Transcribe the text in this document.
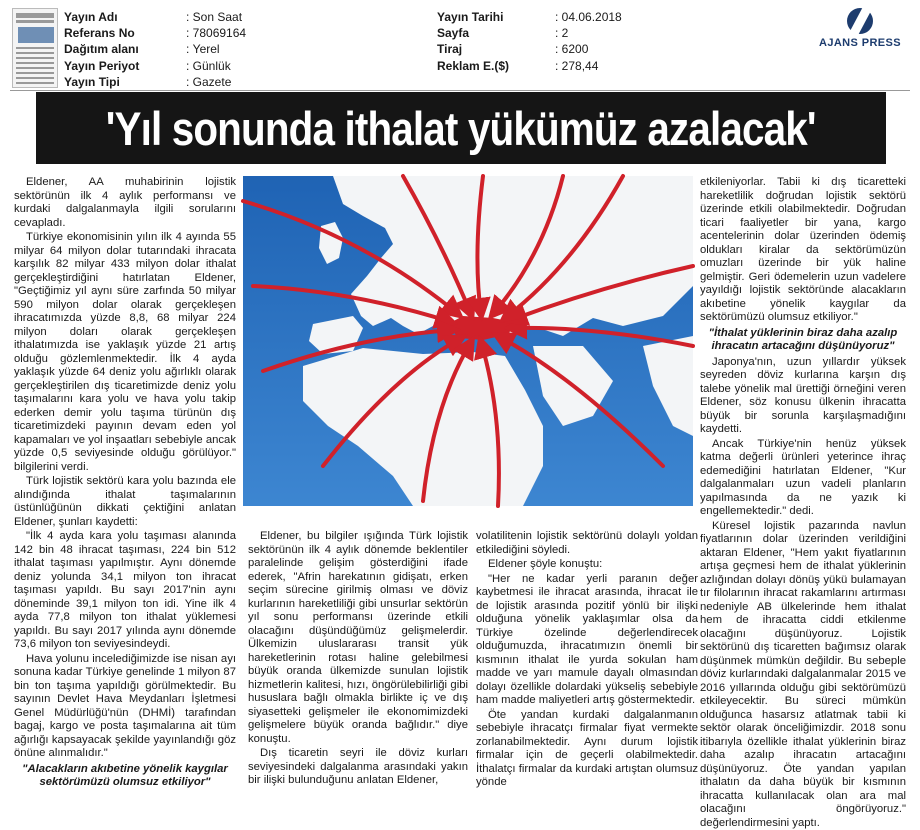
Yayın Adı	: Son Saat
Referans No	: 78069164
Dağıtım alanı	: Yerel
Yayın Periyot	: Günlük
Yayın Tipi	: Gazete
Yayın Tarihi	: 04.06.2018
Sayfa	: 2
Tiraj	: 6200
Reklam E.($)	: 278,44
AJANS PRESS
'Yıl sonunda ithalat yükümüz azalacak'

Eldener, AA muhabirinin lojistik sektörünün ilk 4 aylık performansı ve kurdaki dalgalanmayla ilgili sorularını cevapladı.

Türkiye ekonomisinin yılın ilk 4 ayında 55 milyar 64 milyon dolar tutarındaki ihracata karşılık 82 milyar 433 milyon dolar ithalat gerçekleştirdiğini hatırlatan Eldener, "Geçtiğimiz yıl aynı süre zarfında 50 milyar 590 milyon dolar olarak gerçekleşen ihracatımızda yüzde 8,8, 68 milyar 224 milyon doları olarak gerçekleşen ithalatımızda ise yaklaşık yüzde 21 artış olduğu gözlemlenmektedir. İlk 4 ayda yaklaşık yüzde 64 deniz yolu ağırlıklı olarak gerçekleştirilen dış ticaretimizde deniz yolu taşımalarını kara yolu ve hava yolu takip ederken demir yolu taşıma türünün dış ticaretimizdeki payının devam eden yol kapamaları ve yol inşaatları sebebiyle ancak yüzde 0,5 seviyesinde olduğu görülüyor." bilgilerini verdi.

Türk lojistik sektörü kara yolu bazında ele alındığında ithalat taşımalarının üstünlüğünün dikkati çektiğini anlatan Eldener, şunları kaydetti:

"İlk 4 ayda kara yolu taşıması alanında 142 bin 48 ihracat taşıması, 224 bin 512 ithalat taşıması yapılmıştır. Aynı dönemde deniz yolunda 34,1 milyon ton ihracat taşıması yapıldı. Bu sayı 2017'nin aynı döneminde 39,1 milyon ton idi. Yine ilk 4 ayda 77,8 milyon ton ithalat yüklemesi yapıldı. Bu sayı 2017 yılında aynı dönemde 73,6 milyon ton seviyesindeydi.

Hava yolunu incelediğimizde ise nisan ayı sonuna kadar Türkiye genelinde 1 milyon 87 bin ton taşıma yapıldığı görülmektedir. Bu sayının Devlet Hava Meydanları İşletmesi Genel Müdürlüğü'nün (DHMİ) tarafından bagaj, kargo ve posta taşımalarına ait tüm ağırlığı kapsayacak şekilde yayınlandığı göz önüne alınmalıdır."

"Alacakların akıbetine yönelik kaygılar sektörümüzü olumsuz etkiliyor"

Eldener, bu bilgiler ışığında Türk lojistik sektörünün ilk 4 aylık dönemde beklentiler paralelinde gelişim gösterdiğini ifade ederek, "Afrin harekatının gidişatı, erken seçim sürecine girilmiş olması ve döviz kurlarının hareketliliği gibi unsurlar sektörün yıl sonu performansı üzerinde etkili olacağını düşündüğümüz gelişmelerdir. Ülkemizin uluslararası transit yük hareketlerinin rotası haline gelebilmesi büyük oranda ülkemizde sunulan lojistik hizmetlerin kalitesi, hızı, öngörülebilirliği gibi hususlara bağlı olmakla birlikte iç ve dış siyasetteki gelişmeler ile ekonomimizdeki gelişmelere büyük oranda bağlıdır." diye konuştu.

Dış ticaretin seyri ile döviz kurları seviyesindeki dalgalanma arasındaki yakın bir ilişki bulunduğunu anlatan Eldener,

volatilitenin lojistik sektörünü dolaylı yoldan etkilediğini söyledi.

Eldener şöyle konuştu:

"Her ne kadar yerli paranın değer kaybetmesi ile ihracat arasında, ihracat ile de lojistik arasında pozitif yönlü bir ilişki olduğuna yönelik yaklaşımlar olsa da Türkiye özelinde değerlendirecek olduğumuzda, ihracatımızın önemli bir kısmının ithalat ile yurda sokulan ham madde ve yarı mamule dayalı olmasından dolayı özellikle dolardaki yükseliş sebebiyle ham madde maliyetleri artış göstermektedir.

Öte yandan kurdaki dalgalanmanın sebebiyle ihracatçı firmalar fiyat vermekte zorlanabilmektedir. Aynı durum lojistik firmalar için de geçerli olabilmektedir. İthalatçı firmalar da kurdaki artıştan olumsuz yönde

etkileniyorlar. Tabii ki dış ticaretteki hareketlilik doğrudan lojistik sektörü üzerinde etkili olabilmektedir. Doğrudan ticari faaliyetler bir yana, kargo acentelerinin dolar üzerinden ödemiş oldukları kiralar da sektörümüzün omuzları üzerinde bir yük haline gelmiştir. Geri ödemelerin uzun vadelere yayıldığı lojistik sektöründe alacakların akıbetine yönelik kaygılar da sektörümüzü olumsuz etkiliyor."

"İthalat yüklerinin biraz daha azalıp ihracatın artacağını düşünüyoruz"

Japonya'nın, uzun yıllardır yüksek seyreden döviz kurlarına karşın dış talebe yönelik mal ürettiği örneğini veren Eldener, söz konusu ülkenin ihracatta büyük bir sorunla karşılaşmadığını kaydetti.

Ancak Türkiye'nin henüz yüksek katma değerli ürünleri yeterince ihraç edemediğini hatırlatan Eldener, "Kur dalgalanmaları uzun vadeli planların yapılmasında da ne yazık ki engellemektedir." dedi.

Küresel lojistik pazarında navlun fiyatlarının dolar üzerinden verildiğini aktaran Eldener, "Hem yakıt fiyatlarının artışa geçmesi hem de ithalat yüklerinin azlığından dolayı dönüş yükü bulamayan tır filolarının ihracat rakamlarını artırması nedeniyle AB ülkelerinde hem ithalat hem de ihracatta ciddi etkilenme olacağını düşünüyoruz. Lojistik sektörünü dış ticaretten bağımsız olarak düşünmek mümkün değildir. Bu sebeple döviz kurlarındaki dalgalanmalar 2015 ve 2016 yıllarında olduğu gibi sektörümüzü etkileyecektir. Bu süreci mümkün olduğunca hasarsız atlatmak tabii ki sektör olarak önceliğimizdir. 2018 sonu itibarıyla özellikle ithalat yüklerinin biraz daha azalıp ihracatın artacağını düşünüyoruz. Öte yandan yapılan ithalatın da daha büyük bir kısmının ihracatta kullanılacak olan ara mal olacağını öngörüyoruz." değerlendirmesini yaptı.
